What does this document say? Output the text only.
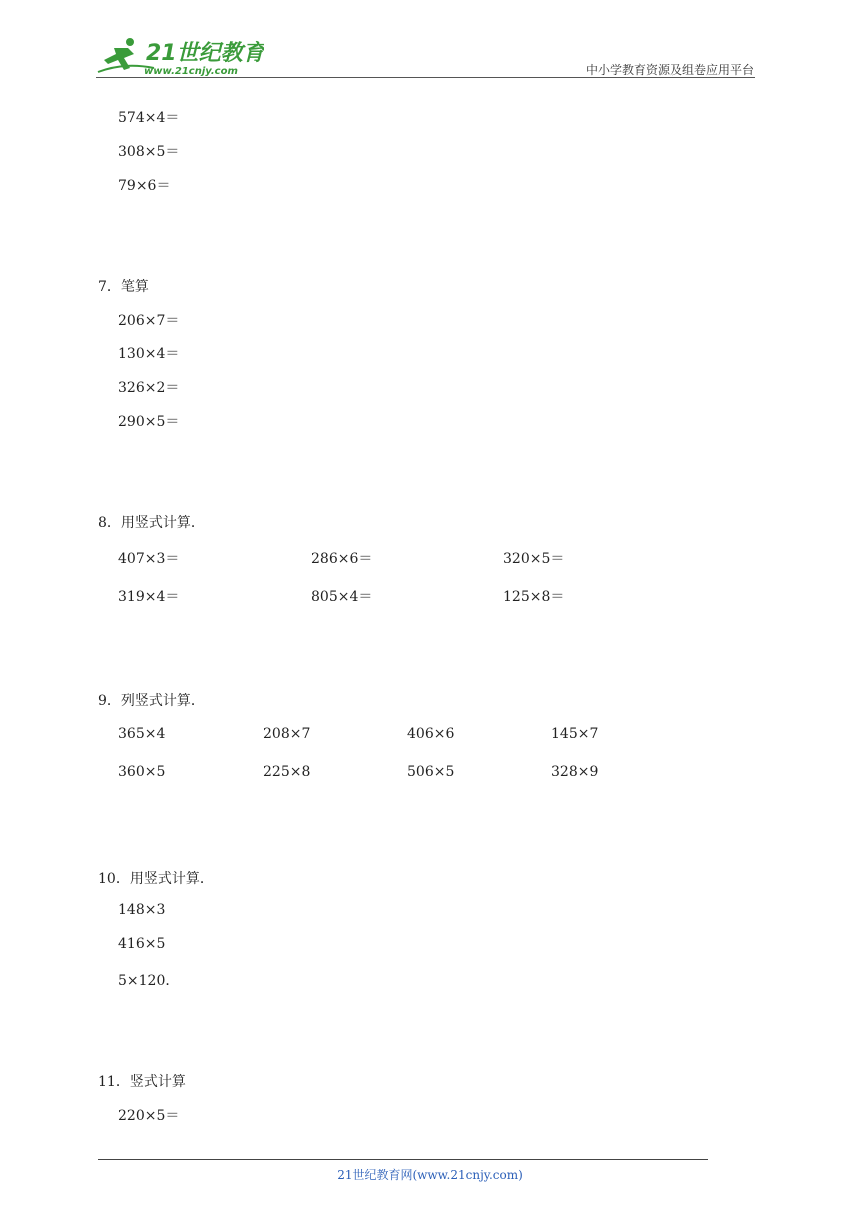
21世纪教育
www.21cnjy.com	中小学教育资源及组卷应用平台
574×4＝
308×5＝
79×6＝
7．笔算
206×7＝
130×4＝
326×2＝
290×5＝
8．用竖式计算．
407×3＝	286×6＝	320×5＝
319×4＝	805×4＝	125×8＝
9．列竖式计算．
365×4	208×7	406×6	145×7
360×5	225×8	506×5	328×9
10．用竖式计算．
148×3
416×5
5×120．
11．竖式计算
220×5＝
21世纪教育网(www.21cnjy.com)
